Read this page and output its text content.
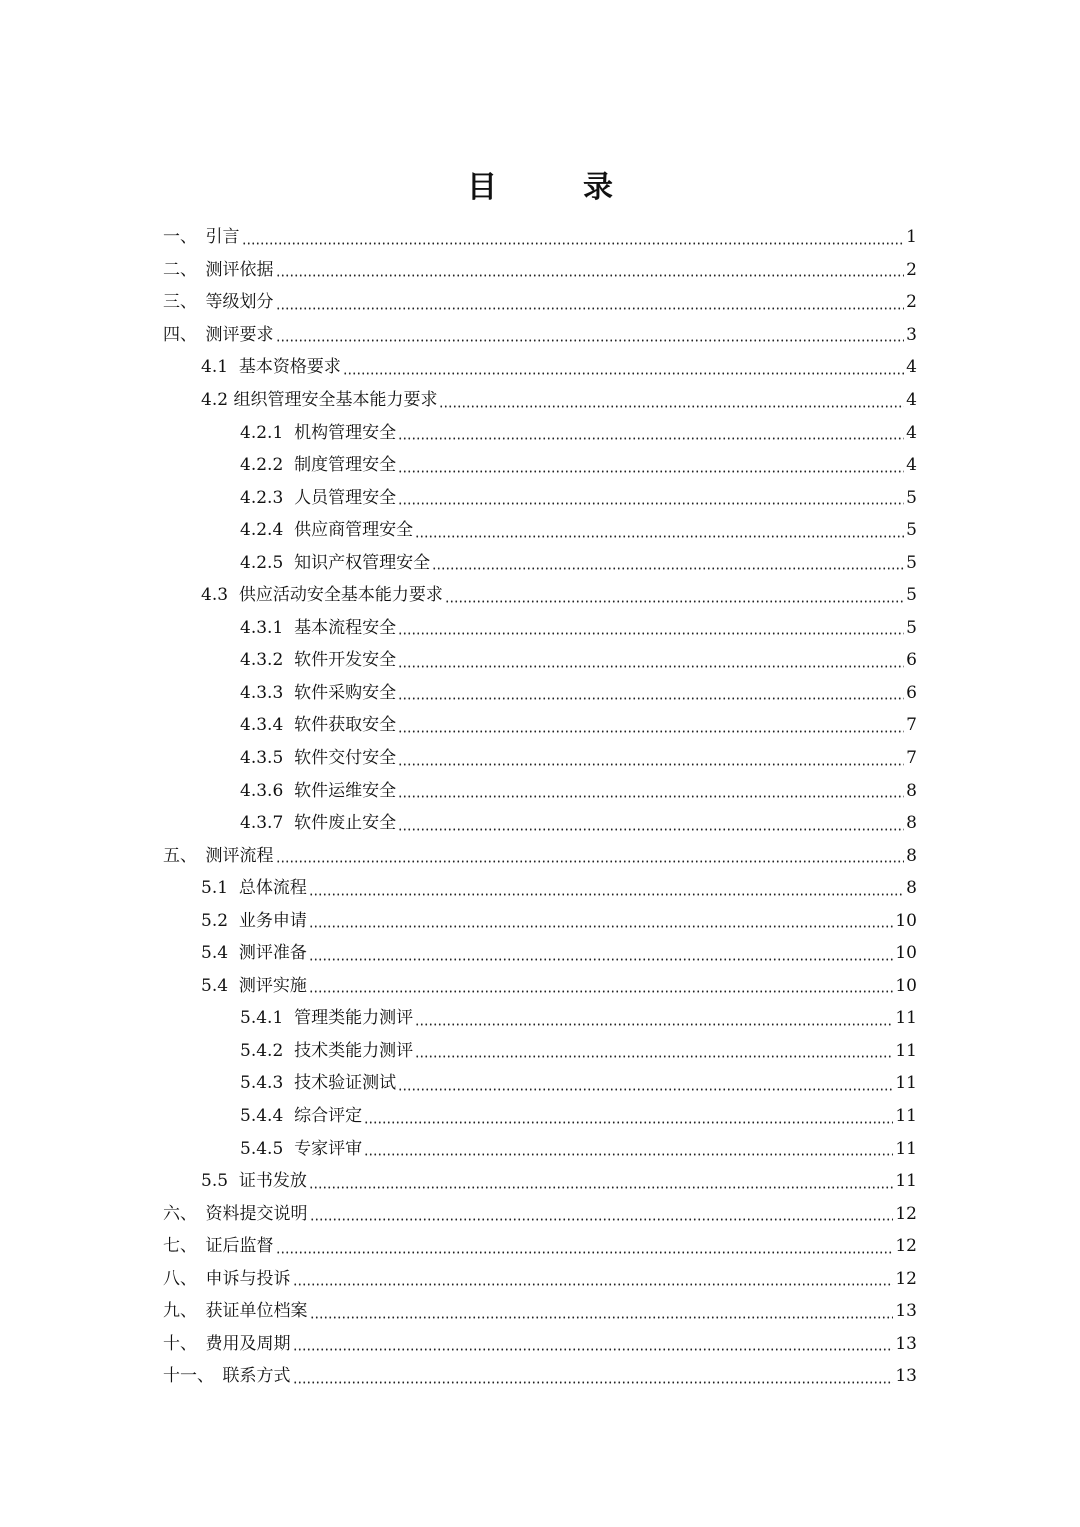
目　录
一、　引言	1
二、　测评依据	2
三、　等级划分	2
四、　测评要求	3
4.1  基本资格要求	4
4.2 组织管理安全基本能力要求	4
4.2.1  机构管理安全	4
4.2.2  制度管理安全	4
4.2.3  人员管理安全	5
4.2.4  供应商管理安全	5
4.2.5  知识产权管理安全	5
4.3  供应活动安全基本能力要求	5
4.3.1  基本流程安全	5
4.3.2  软件开发安全	6
4.3.3  软件采购安全	6
4.3.4  软件获取安全	7
4.3.5  软件交付安全	7
4.3.6  软件运维安全	8
4.3.7  软件废止安全	8
五、　测评流程	8
5.1  总体流程	8
5.2  业务申请	10
5.4  测评准备	10
5.4  测评实施	10
5.4.1  管理类能力测评	11
5.4.2  技术类能力测评	11
5.4.3  技术验证测试	11
5.4.4  综合评定	11
5.4.5  专家评审	11
5.5  证书发放	11
六、　资料提交说明	12
七、　证后监督	12
八、　申诉与投诉	12
九、　获证单位档案	13
十、　费用及周期	13
十一、　联系方式	13
